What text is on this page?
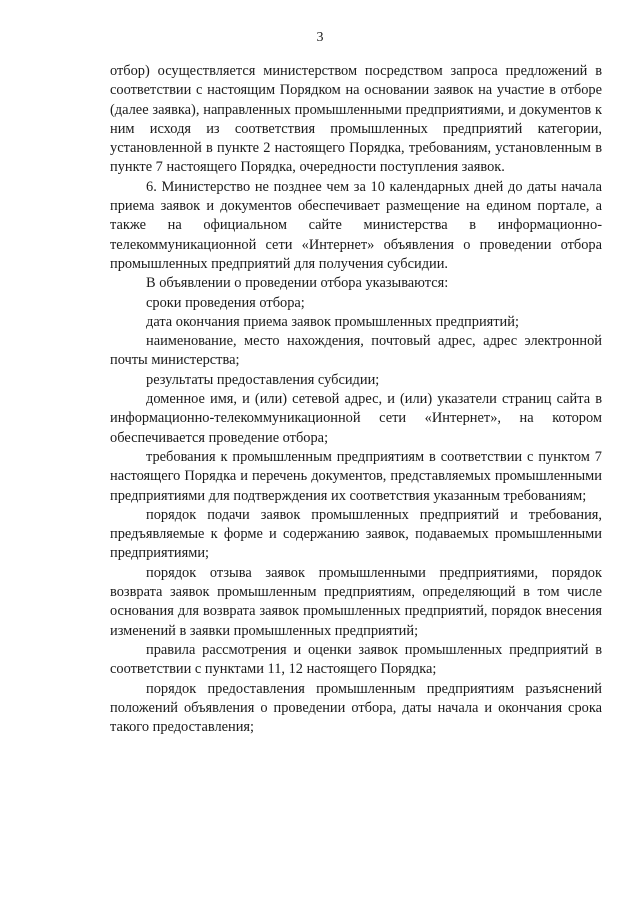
3

отбор) осуществляется министерством посредством запроса предложений в соответствии с настоящим Порядком на основании заявок на участие в отборе (далее заявка), направленных промышленными предприятиями, и документов к ним исходя из соответствия промышленных предприятий категории, установленной в пункте 2 настоящего Порядка, требованиям, установленным в пункте 7 настоящего Порядка, очередности поступления заявок.

6. Министерство не позднее чем за 10 календарных дней до даты начала приема заявок и документов обеспечивает размещение на едином портале, а также на официальном сайте министерства в информационно-телекоммуникационной сети «Интернет» объявления о проведении отбора промышленных предприятий для получения субсидии.

В объявлении о проведении отбора указываются:

сроки проведения отбора;

дата окончания приема заявок промышленных предприятий;

наименование, место нахождения, почтовый адрес, адрес электронной почты министерства;

результаты предоставления субсидии;

доменное имя, и (или) сетевой адрес, и (или) указатели страниц сайта в информационно-телекоммуникационной сети «Интернет», на котором обеспечивается проведение отбора;

требования к промышленным предприятиям в соответствии с пунктом 7 настоящего Порядка и перечень документов, представляемых промышленными предприятиями для подтверждения их соответствия указанным требованиям;

порядок подачи заявок промышленных предприятий и требования, предъявляемые к форме и содержанию заявок, подаваемых промышленными предприятиями;

порядок отзыва заявок промышленными предприятиями, порядок возврата заявок промышленным предприятиям, определяющий в том числе основания для возврата заявок промышленных предприятий, порядок внесения изменений в заявки промышленных предприятий;

правила рассмотрения и оценки заявок промышленных предприятий в соответствии с пунктами 11, 12 настоящего Порядка;

порядок предоставления промышленным предприятиям разъяснений положений объявления о проведении отбора, даты начала и окончания срока такого предоставления;
